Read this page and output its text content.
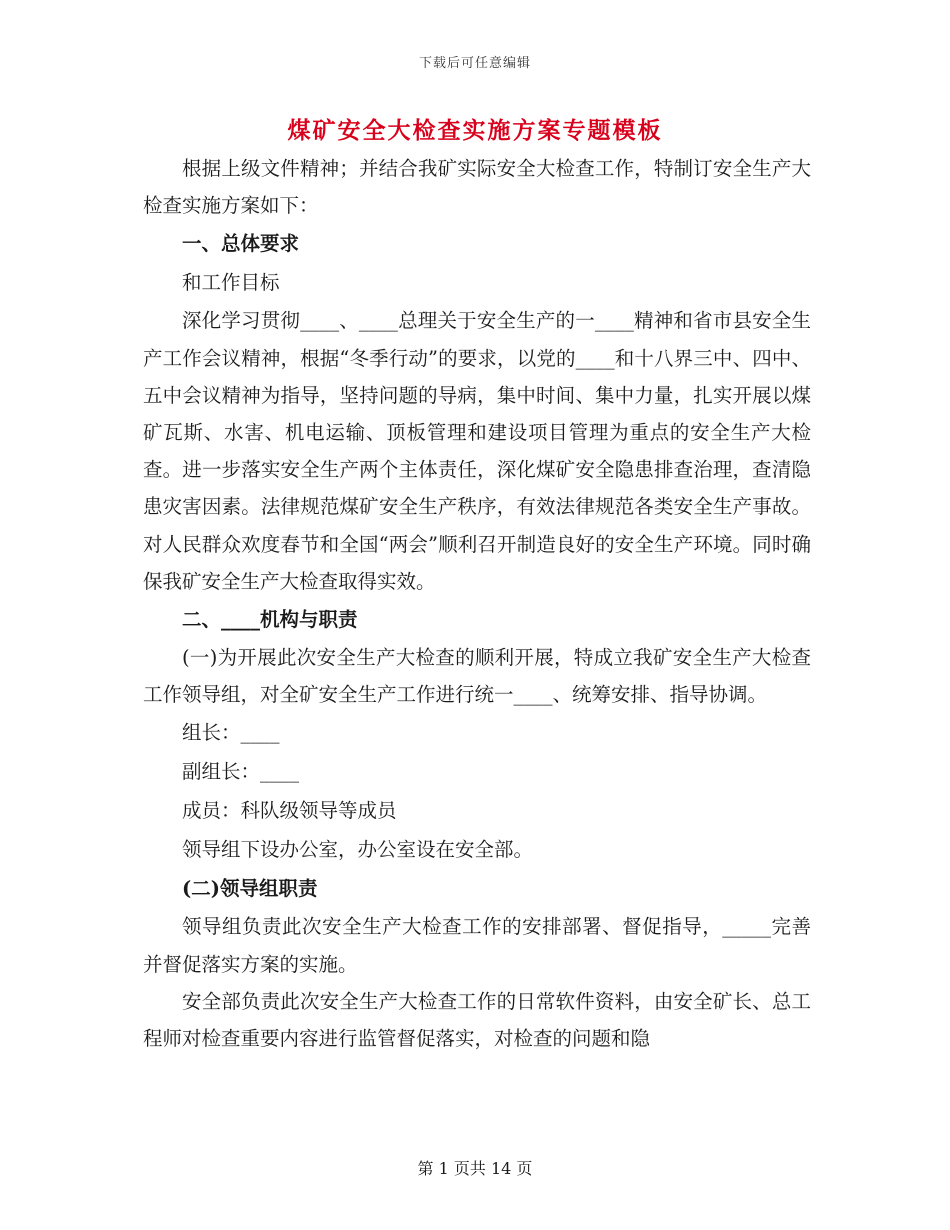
下载后可任意编辑
煤矿安全大检查实施方案专题模板

根据上级文件精神；并结合我矿实际安全大检查工作，特制订安全生产大检查实施方案如下：

一、总体要求

和工作目标

深化学习贯彻____、____总理关于安全生产的一____精神和省市县安全生产工作会议精神，根据“冬季行动”的要求，以党的____和十八界三中、四中、五中会议精神为指导，坚持问题的导病，集中时间、集中力量，扎实开展以煤矿瓦斯、水害、机电运输、顶板管理和建设项目管理为重点的安全生产大检查。进一步落实安全生产两个主体责任，深化煤矿安全隐患排查治理，查清隐患灾害因素。法律规范煤矿安全生产秩序，有效法律规范各类安全生产事故。对人民群众欢度春节和全国“两会”顺利召开制造良好的安全生产环境。同时确保我矿安全生产大检查取得实效。

二、____机构与职责

(一)为开展此次安全生产大检查的顺利开展，特成立我矿安全生产大检查工作领导组，对全矿安全生产工作进行统一____、统筹安排、指导协调。

组长：____

副组长：____

成员：科队级领导等成员

领导组下设办公室，办公室设在安全部。

(二)领导组职责

领导组负责此次安全生产大检查工作的安排部署、督促指导，_____完善并督促落实方案的实施。

安全部负责此次安全生产大检查工作的日常软件资料，由安全矿长、总工程师对检查重要内容进行监管督促落实，对检查的问题和隐

第 1 页共 14 页
